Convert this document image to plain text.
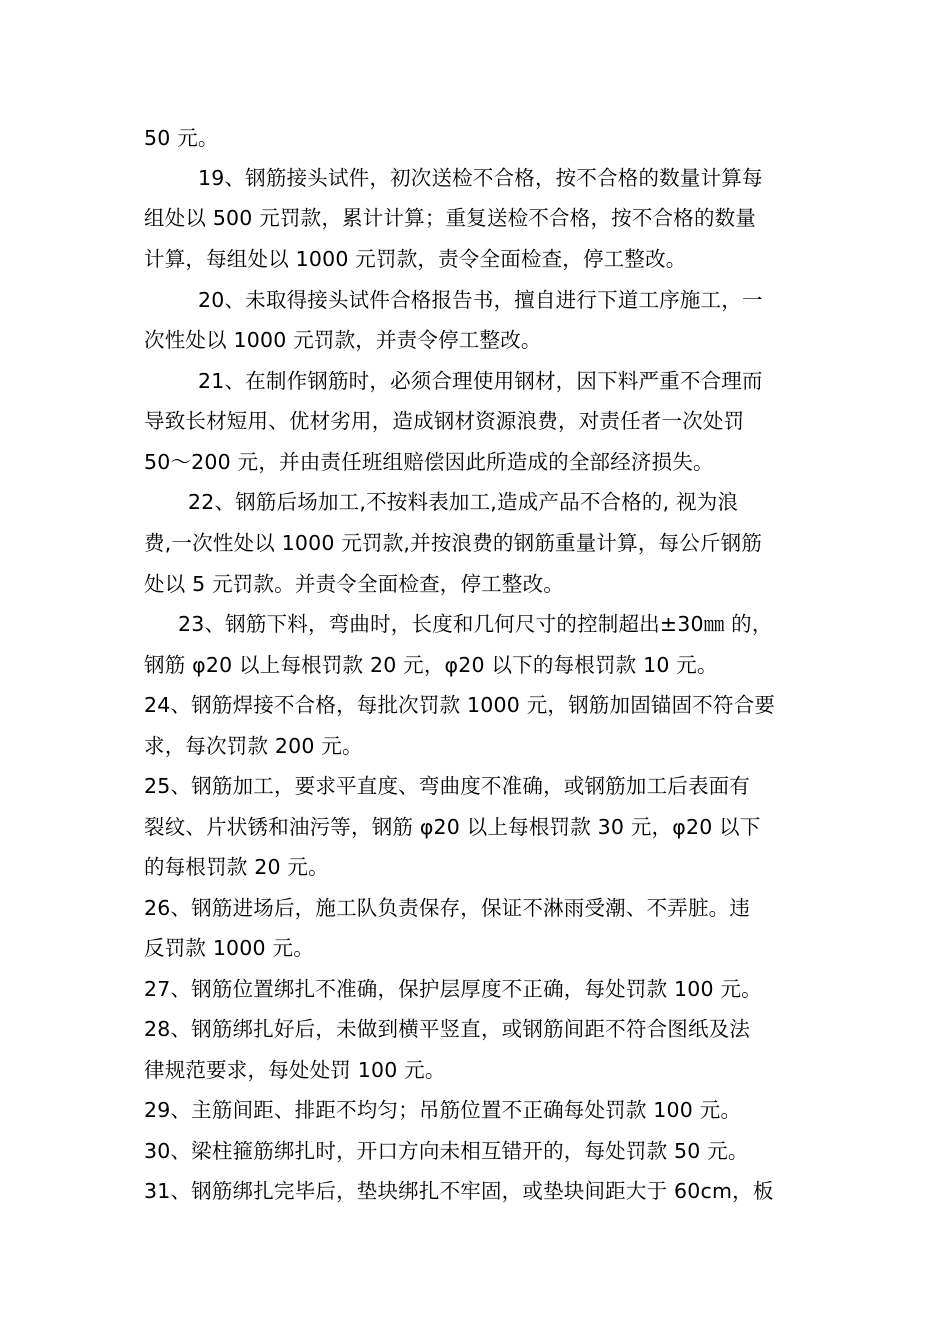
50 元。
19、钢筋接头试件，初次送检不合格，按不合格的数量计算每
组处以 500 元罚款，累计计算；重复送检不合格，按不合格的数量
计算，每组处以 1000 元罚款，责令全面检查，停工整改。
20、未取得接头试件合格报告书，擅自进行下道工序施工，一
次性处以 1000 元罚款，并责令停工整改。
21、在制作钢筋时，必须合理使用钢材，因下料严重不合理而
导致长材短用、优材劣用，造成钢材资源浪费，对责任者一次处罚
50～200 元，并由责任班组赔偿因此所造成的全部经济损失。
22、钢筋后场加工,不按料表加工,造成产品不合格的, 视为浪
费,一次性处以 1000 元罚款,并按浪费的钢筋重量计算，每公斤钢筋
处以 5 元罚款。并责令全面检查，停工整改。
23、钢筋下料，弯曲时，长度和几何尺寸的控制超出±30㎜ 的，
钢筋 φ20 以上每根罚款 20 元，φ20 以下的每根罚款 10 元。
24、钢筋焊接不合格，每批次罚款 1000 元，钢筋加固锚固不符合要
求，每次罚款 200 元。
25、钢筋加工，要求平直度、弯曲度不准确，或钢筋加工后表面有
裂纹、片状锈和油污等，钢筋 φ20 以上每根罚款 30 元，φ20 以下
的每根罚款 20 元。
26、钢筋进场后，施工队负责保存，保证不淋雨受潮、不弄脏。违
反罚款 1000 元。
27、钢筋位置绑扎不准确，保护层厚度不正确，每处罚款 100 元。
28、钢筋绑扎好后，未做到横平竖直，或钢筋间距不符合图纸及法
律规范要求，每处处罚 100 元。
29、主筋间距、排距不均匀；吊筋位置不正确每处罚款 100 元。
30、梁柱箍筋绑扎时，开口方向未相互错开的，每处罚款 50 元。
31、钢筋绑扎完毕后，垫块绑扎不牢固，或垫块间距大于 60cm，板
